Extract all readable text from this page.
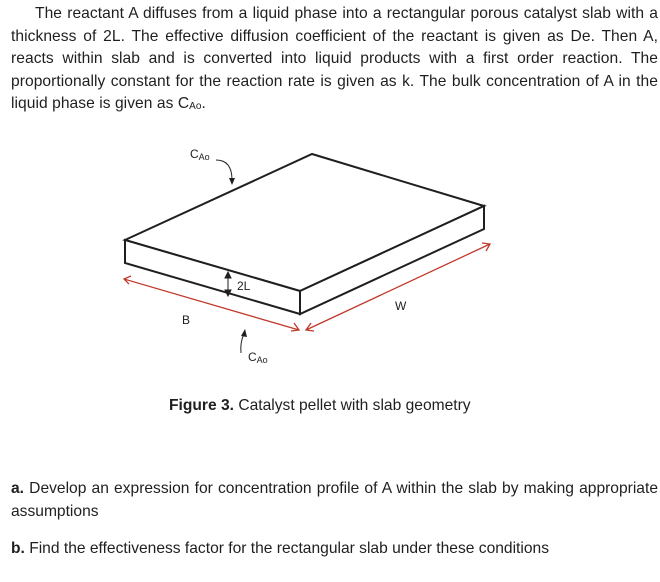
The reactant A diffuses from a liquid phase into a rectangular porous catalyst slab with a thickness of 2L. The effective diffusion coefficient of the reactant is given as De. Then A, reacts within slab and is converted into liquid products with a first order reaction. The proportionally constant for the reaction rate is given as k. The bulk concentration of A in the liquid phase is given as CAo.

CAo
2L
W
B
CAo

Figure 3. Catalyst pellet with slab geometry

a. Develop an expression for concentration profile of A within the slab by making appropriate assumptions

b. Find the effectiveness factor for the rectangular slab under these conditions
